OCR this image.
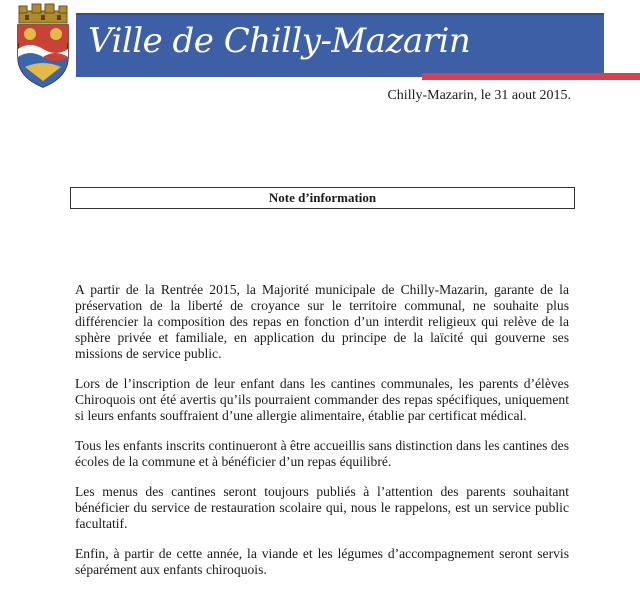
Ville de Chilly-Mazarin
Chilly-Mazarin, le 31 aout 2015.
Note d’information

A partir de la Rentrée 2015, la Majorité municipale de Chilly-Mazarin, garante de la préservation de la liberté de croyance sur le territoire communal, ne souhaite plus différencier la composition des repas en fonction d’un interdit religieux qui relève de la sphère privée et familiale, en application du principe de la laïcité qui gouverne ses missions de service public.

Lors de l’inscription de leur enfant dans les cantines communales, les parents d’élèves Chiroquois ont été avertis qu’ils pourraient commander des repas spécifiques, uniquement si leurs enfants souffraient d’une allergie alimentaire, établie par certificat médical.

Tous les enfants inscrits continueront à être accueillis sans distinction dans les cantines des écoles de la commune et à bénéficier d’un repas équilibré.

Les menus des cantines seront toujours publiés à l’attention des parents souhaitant bénéficier du service de restauration scolaire qui, nous le rappelons, est un service public facultatif.

Enfin, à partir de cette année, la viande et les légumes d’accompagnement seront servis séparément aux enfants chiroquois.
